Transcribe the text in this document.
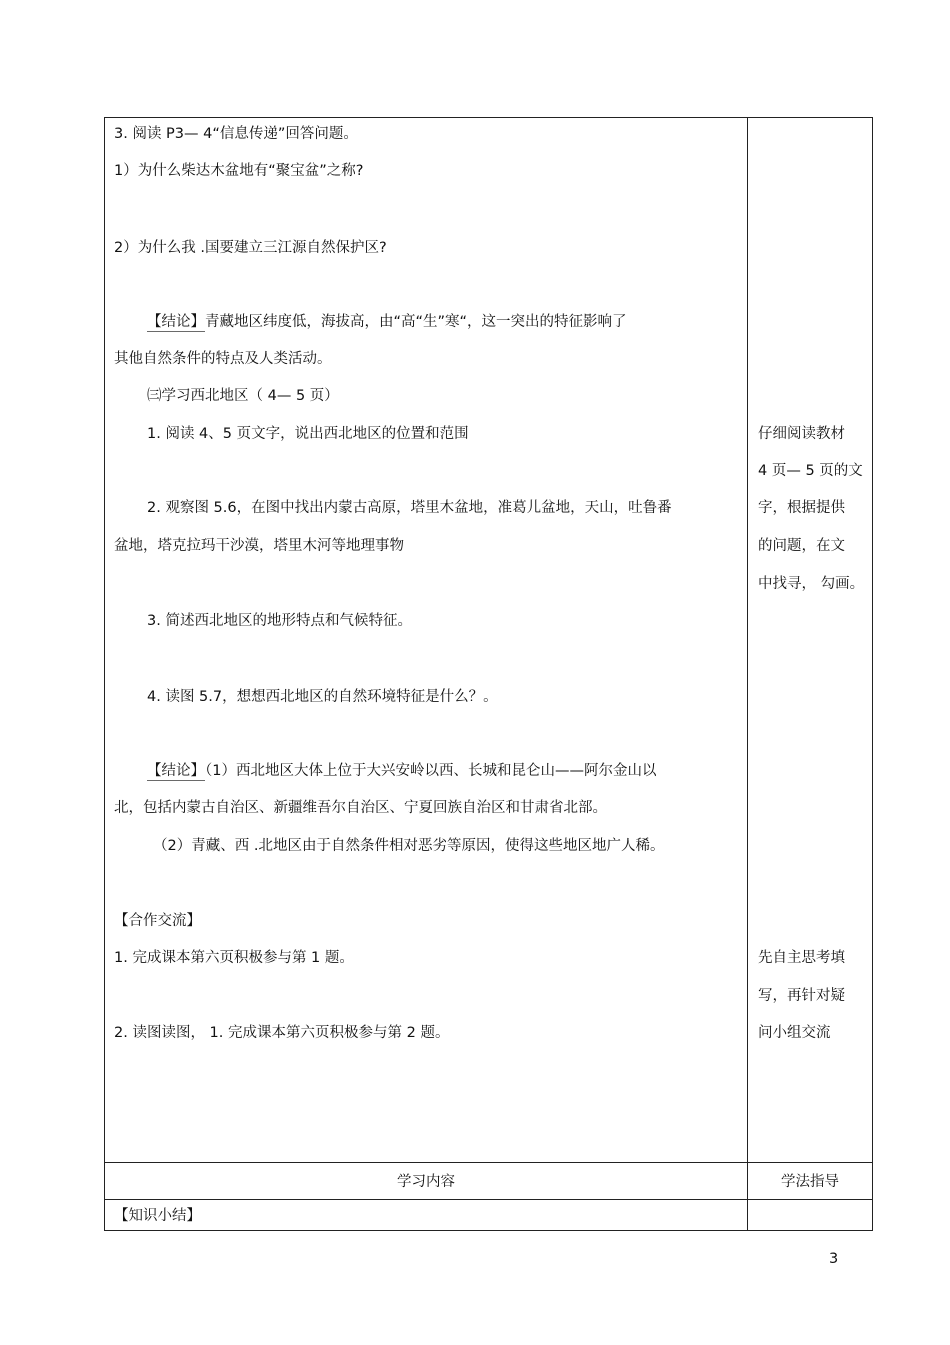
3. 阅读 P3— 4“信息传递”回答问题。
1）为什么柴达木盆地有“聚宝盆”之称?
2）为什么我 .国要建立三江源自然保护区?
【结论】青藏地区纬度低，海拔高，由“高“生”寒“，这一突出的特征影响了
其他自然条件的特点及人类活动。
㈢学习西北地区（ 4— 5 页）
1. 阅读 4、5 页文字，说出西北地区的位置和范围
2. 观察图 5.6，在图中找出内蒙古高原，塔里木盆地，准葛儿盆地，天山，吐鲁番
盆地，塔克拉玛干沙漠，塔里木河等地理事物
3. 简述西北地区的地形特点和气候特征。
4. 读图 5.7，想想西北地区的自然环境特征是什么？。
【结论】（1）西北地区大体上位于大兴安岭以西、长城和昆仑山——阿尔金山以
北，包括内蒙古自治区、新疆维吾尔自治区、宁夏回族自治区和甘肃省北部。
（2）青藏、西 .北地区由于自然条件相对恶劣等原因，使得这些地区地广人稀。
【合作交流】
1. 完成课本第六页积极参与第 1 题。
2. 读图读图， 1. 完成课本第六页积极参与第 2 题。
仔细阅读教材
4 页— 5 页的文
字，根据提供
的问题，在文
中找寻， 勾画。
先自主思考填
写，再针对疑
问小组交流
学习内容	学法指导
【知识小结】
3
